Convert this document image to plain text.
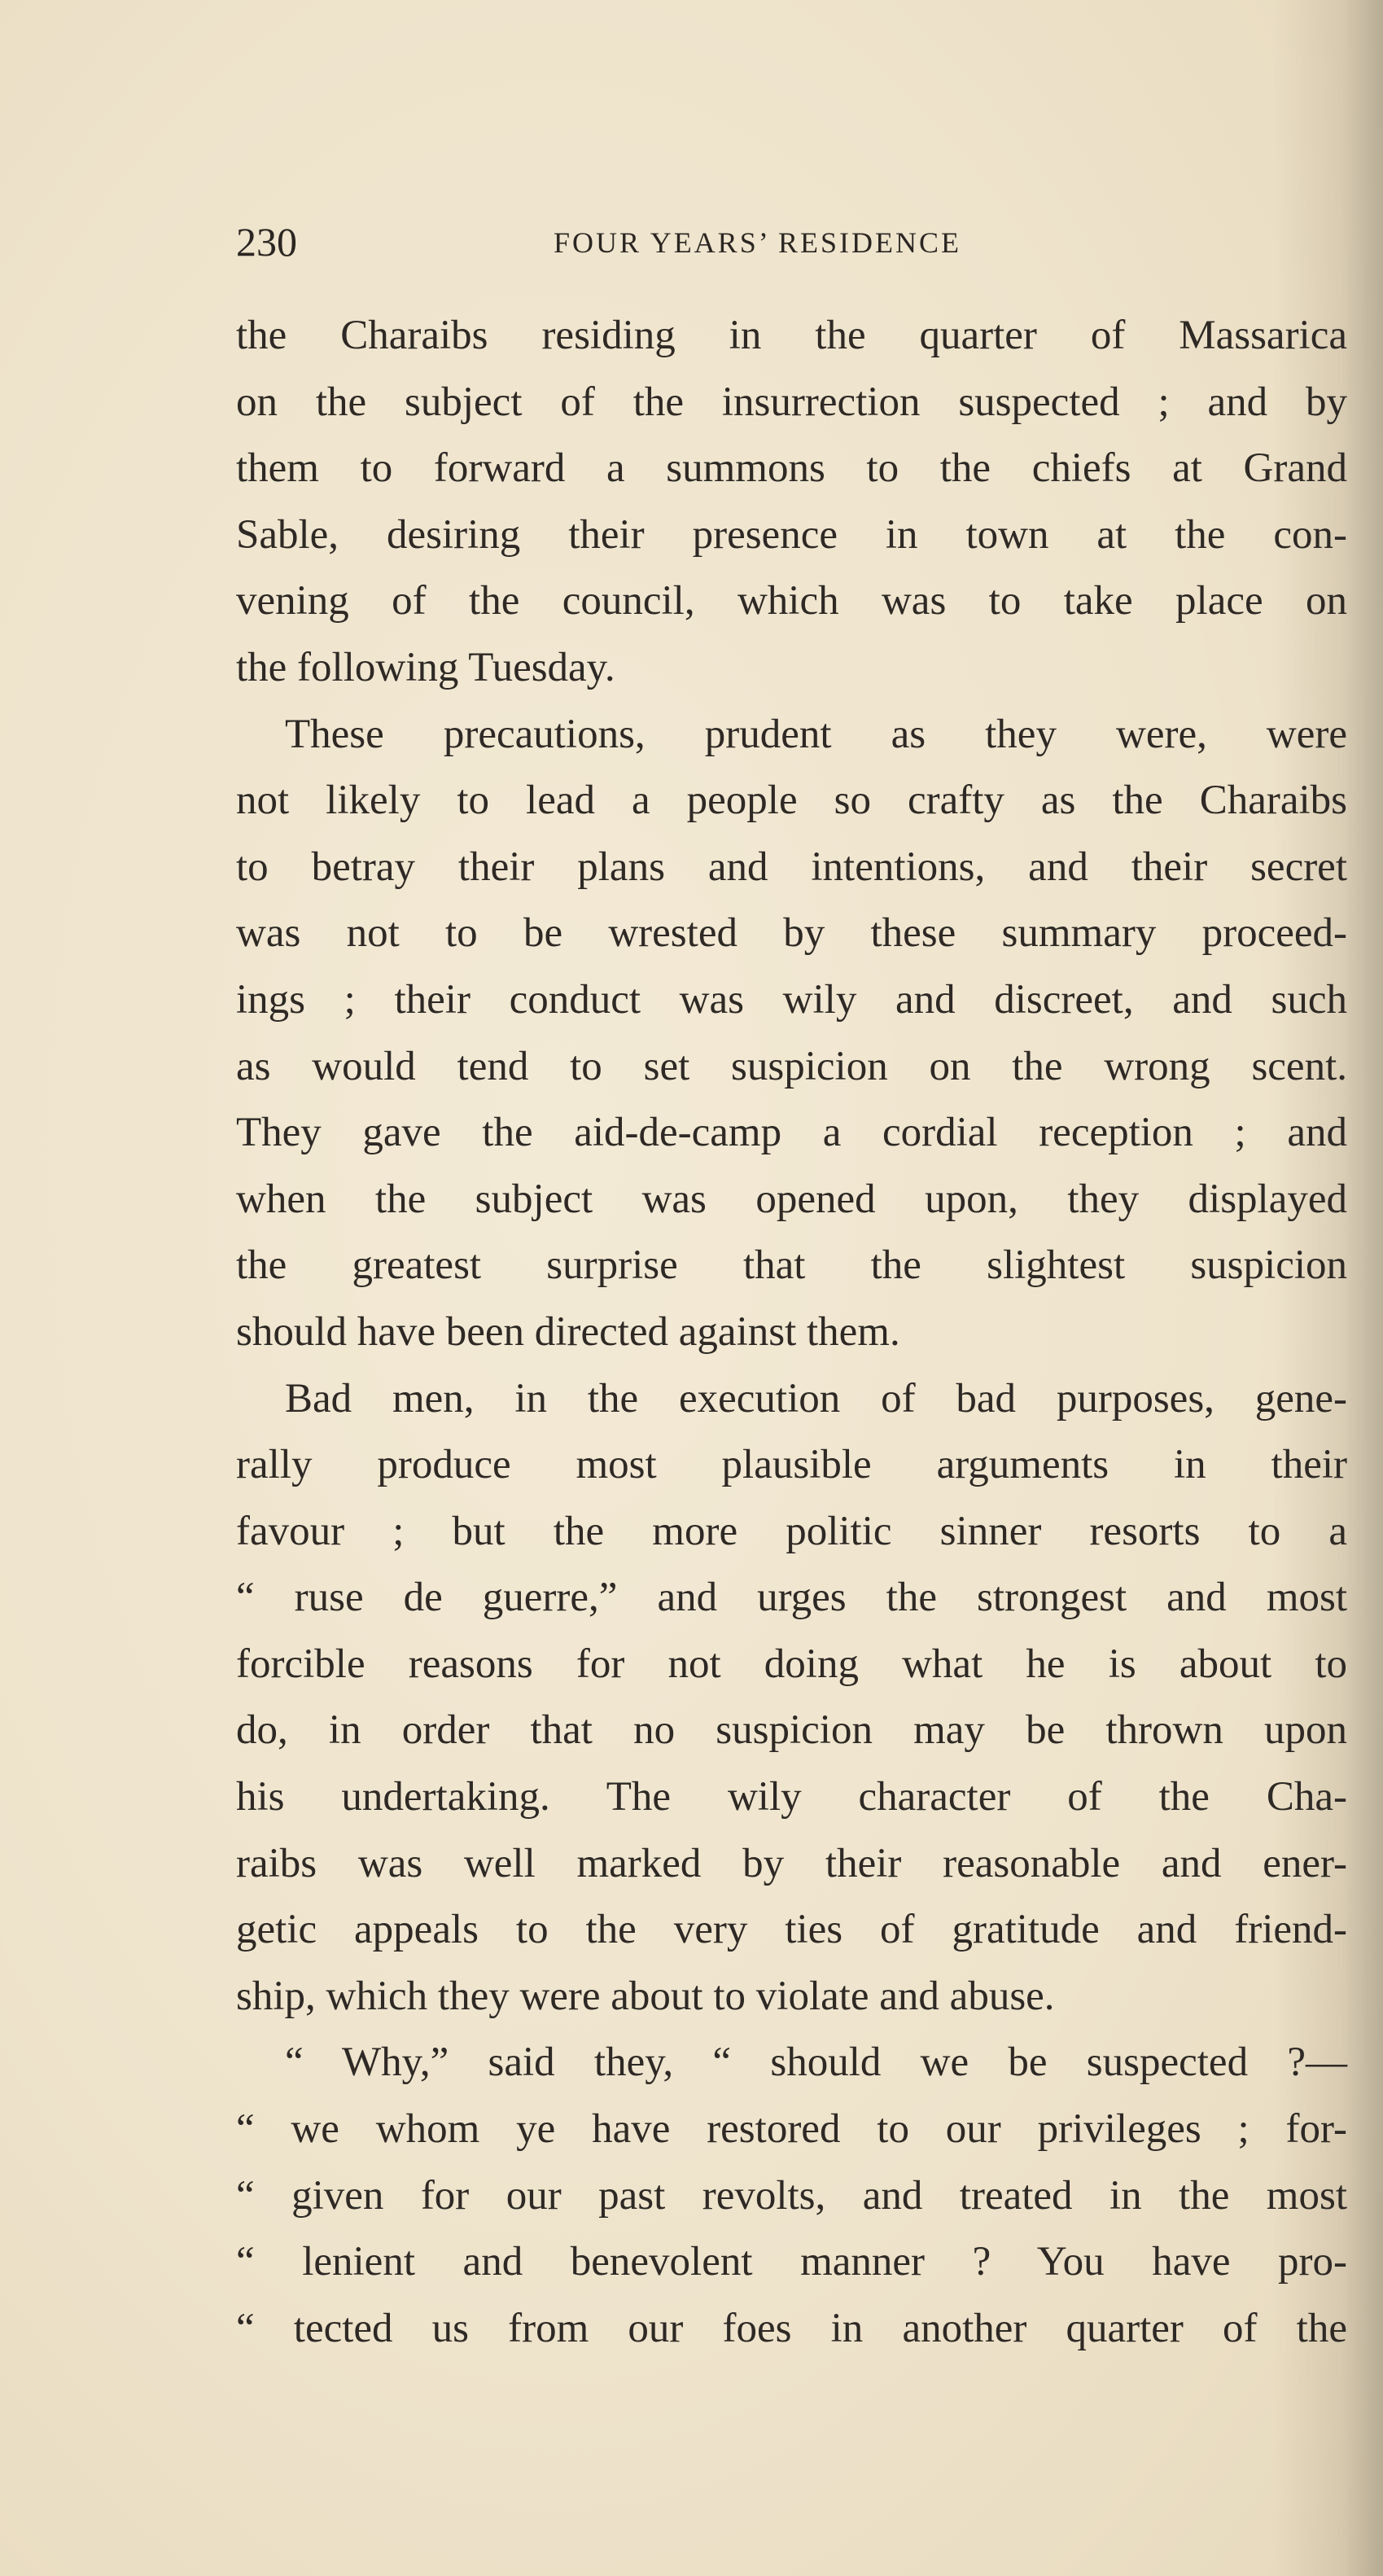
230	FOUR YEARS’ RESIDENCE
the Charaibs residing in the quarter of Massarica
on the subject of the insurrection suspected ; and by
them to forward a summons to the chiefs at Grand
Sable, desiring their presence in town at the con-
vening of the council, which was to take place on
the following Tuesday.
These precautions, prudent as they were, were
not likely to lead a people so crafty as the Charaibs
to betray their plans and intentions, and their secret
was not to be wrested by these summary proceed-
ings ; their conduct was wily and discreet, and such
as would tend to set suspicion on the wrong scent.
They gave the aid-de-camp a cordial reception ; and
when the subject was opened upon, they displayed
the greatest surprise that the slightest suspicion
should have been directed against them.
Bad men, in the execution of bad purposes, gene-
rally produce most plausible arguments in their
favour ; but the more politic sinner resorts to a
“ ruse de guerre,” and urges the strongest and most
forcible reasons for not doing what he is about to
do, in order that no suspicion may be thrown upon
his undertaking. The wily character of the Cha-
raibs was well marked by their reasonable and ener-
getic appeals to the very ties of gratitude and friend-
ship, which they were about to violate and abuse.
“ Why,” said they, “ should we be suspected ?—
“ we whom ye have restored to our privileges ; for-
“ given for our past revolts, and treated in the most
“ lenient and benevolent manner ? You have pro-
“ tected us from our foes in another quarter of the
